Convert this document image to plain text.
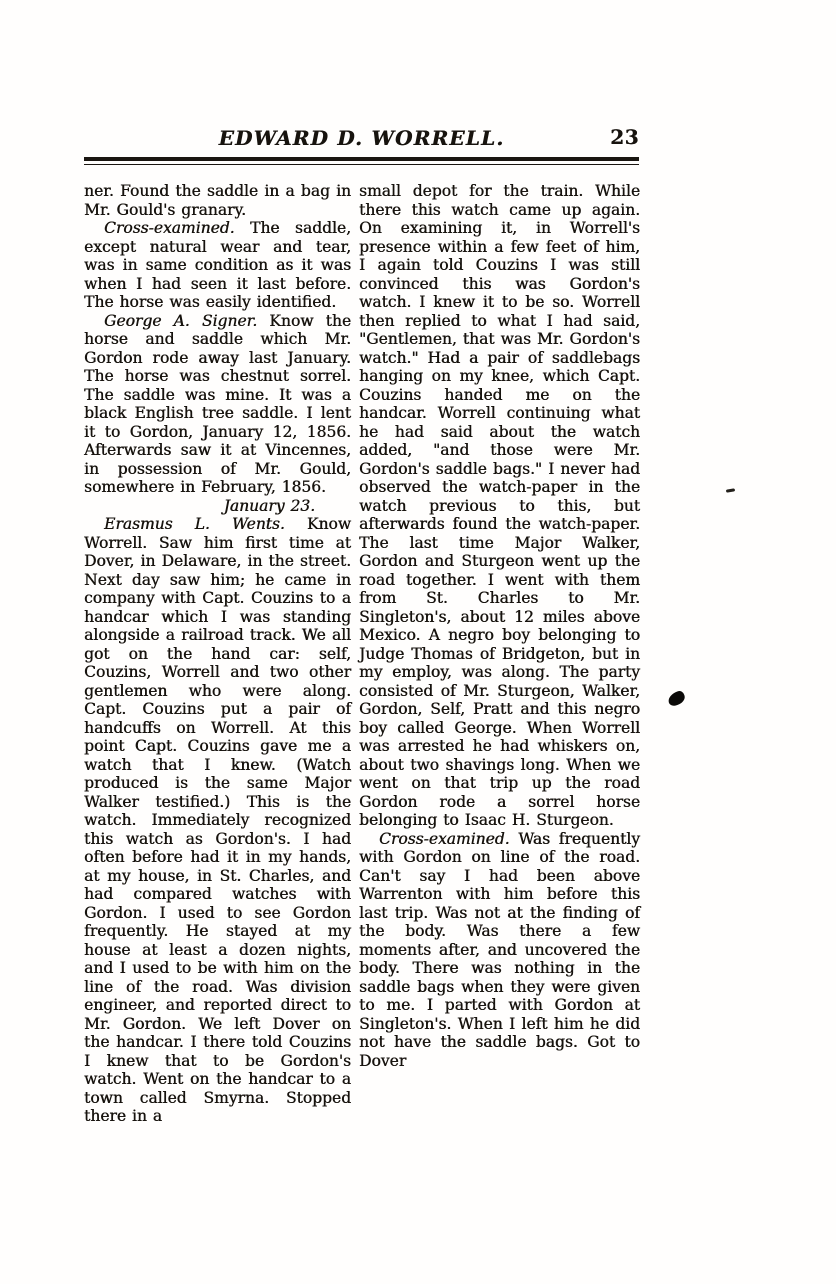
EDWARD D. WORRELL.	23

ner. Found the saddle in a bag in Mr. Gould's granary.

Cross-examined. The saddle, except natural wear and tear, was in same condition as it was when I had seen it last before. The horse was easily identified.

George A. Signer. Know the horse and saddle which Mr. Gordon rode away last January. The horse was chestnut sorrel. The saddle was mine. It was a black English tree saddle. I lent it to Gordon, January 12, 1856. Afterwards saw it at Vincennes, in possession of Mr. Gould, somewhere in February, 1856.

January 23.

Erasmus L. Wents. Know Worrell. Saw him first time at Dover, in Delaware, in the street. Next day saw him; he came in company with Capt. Couzins to a handcar which I was standing alongside a railroad track. We all got on the hand car: self, Couzins, Worrell and two other gentlemen who were along. Capt. Couzins put a pair of handcuffs on Worrell. At this point Capt. Couzins gave me a watch that I knew. (Watch produced is the same Major Walker testified.) This is the watch. Immediately recognized this watch as Gordon's. I had often before had it in my hands, at my house, in St. Charles, and had compared watches with Gordon. I used to see Gordon frequently. He stayed at my house at least a dozen nights, and I used to be with him on the line of the road. Was division engineer, and reported direct to Mr. Gordon. We left Dover on the handcar. I there told Couzins I knew that to be Gordon's watch. Went on the handcar to a town called Smyrna. Stopped there in a

small depot for the train. While there this watch came up again. On examining it, in Worrell's presence within a few feet of him, I again told Couzins I was still convinced this was Gordon's watch. I knew it to be so. Worrell then replied to what I had said, "Gentlemen, that was Mr. Gordon's watch." Had a pair of saddlebags hanging on my knee, which Capt. Couzins handed me on the handcar. Worrell continuing what he had said about the watch added, "and those were Mr. Gordon's saddle bags." I never had observed the watch-paper in the watch previous to this, but afterwards found the watch-paper. The last time Major Walker, Gordon and Sturgeon went up the road together. I went with them from St. Charles to Mr. Singleton's, about 12 miles above Mexico. A negro boy belonging to Judge Thomas of Bridgeton, but in my employ, was along. The party consisted of Mr. Sturgeon, Walker, Gordon, Self, Pratt and this negro boy called George. When Worrell was arrested he had whiskers on, about two shavings long. When we went on that trip up the road Gordon rode a sorrel horse belonging to Isaac H. Sturgeon.

Cross-examined. Was frequently with Gordon on line of the road. Can't say I had been above Warrenton with him before this last trip. Was not at the finding of the body. Was there a few moments after, and uncovered the body. There was nothing in the saddle bags when they were given to me. I parted with Gordon at Singleton's. When I left him he did not have the saddle bags. Got to Dover
